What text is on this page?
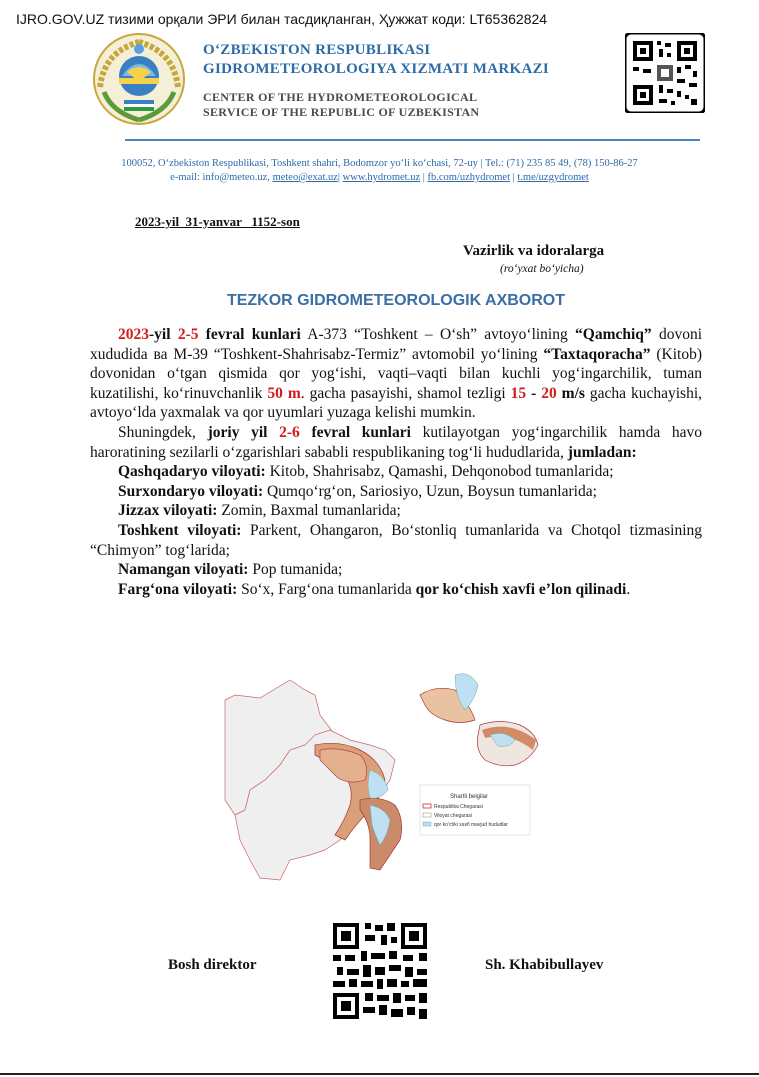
IJRO.GOV.UZ тизими орқали ЭРИ билан тасдиқланган, Ҳужжат коди: LT65362824
O‘ZBEKISTON RESPUBLIKASI
GIDROMETEOROLOGIYA XIZMATI MARKAZI
CENTER OF THE HYDROMETEOROLOGICAL
SERVICE OF THE REPUBLIC OF UZBEKISTAN
100052, O‘zbekiston Respublikasi, Toshkent shahri, Bodomzor yo‘li ko‘chasi, 72-uy | Tel.: (71) 235 85 49, (78) 150-86-27
e-mail: info@meteo.uz, meteo@exat.uz| www.hydromet.uz | fb.com/uzhydromet | t.me/uzgydromet
2023-yil  31-yanvar   1152-son
Vazirlik va idoralarga
(ro‘yxat bo‘yicha)
TEZKOR GIDROMETEOROLOGIK AXBOROT

2023-yil 2-5 fevral kunlari A-373 “Toshkent – O‘sh” avtoyo‘lining “Qamchiq” dovoni xududida ва M-39 “Toshkent-Shahrisabz-Termiz” avtomobil yo‘lining “Taxtaqoracha” (Kitob) dovonidan o‘tgan qismida qor yog‘ishi, vaqti–vaqti bilan kuchli yog‘ingarchilik, tuman kuzatilishi, ko‘rinuvchanlik 50 m. gacha pasayishi, shamol tezligi 15 - 20 m/s gacha kuchayishi, avtoyo‘lda yaxmalak va qor uyumlari yuzaga kelishi mumkin.

Shuningdek, joriy yil 2-6 fevral kunlari kutilayotgan yog‘ingarchilik hamda havo haroratining sezilarli o‘zgarishlari sababli respublikaning tog‘li hududlarida, jumladan:

Qashqadaryo viloyati: Kitob, Shahrisabz, Qamashi, Dehqonobod tumanlarida;

Surxondaryo viloyati: Qumqo‘rg‘on, Sariosiyo, Uzun, Boysun tumanlarida;

Jizzax viloyati: Zomin, Baxmal tumanlarida;

Toshkent viloyati: Parkent, Ohangaron, Bo‘stonliq tumanlarida va Chotqol tizmasining “Chimyon” tog‘larida;

Namangan viloyati: Pop tumanida;

Farg‘ona viloyati: So‘x, Farg‘ona tumanlarida qor ko‘chish xavfi e’lon qilinadi.

Shartli belgilar
Respublika Chegarasi
Viloyat chegarasi
qor ko‘chki xavfi mavjud hududlar
Bosh direktor	Sh. Khabibullayev
